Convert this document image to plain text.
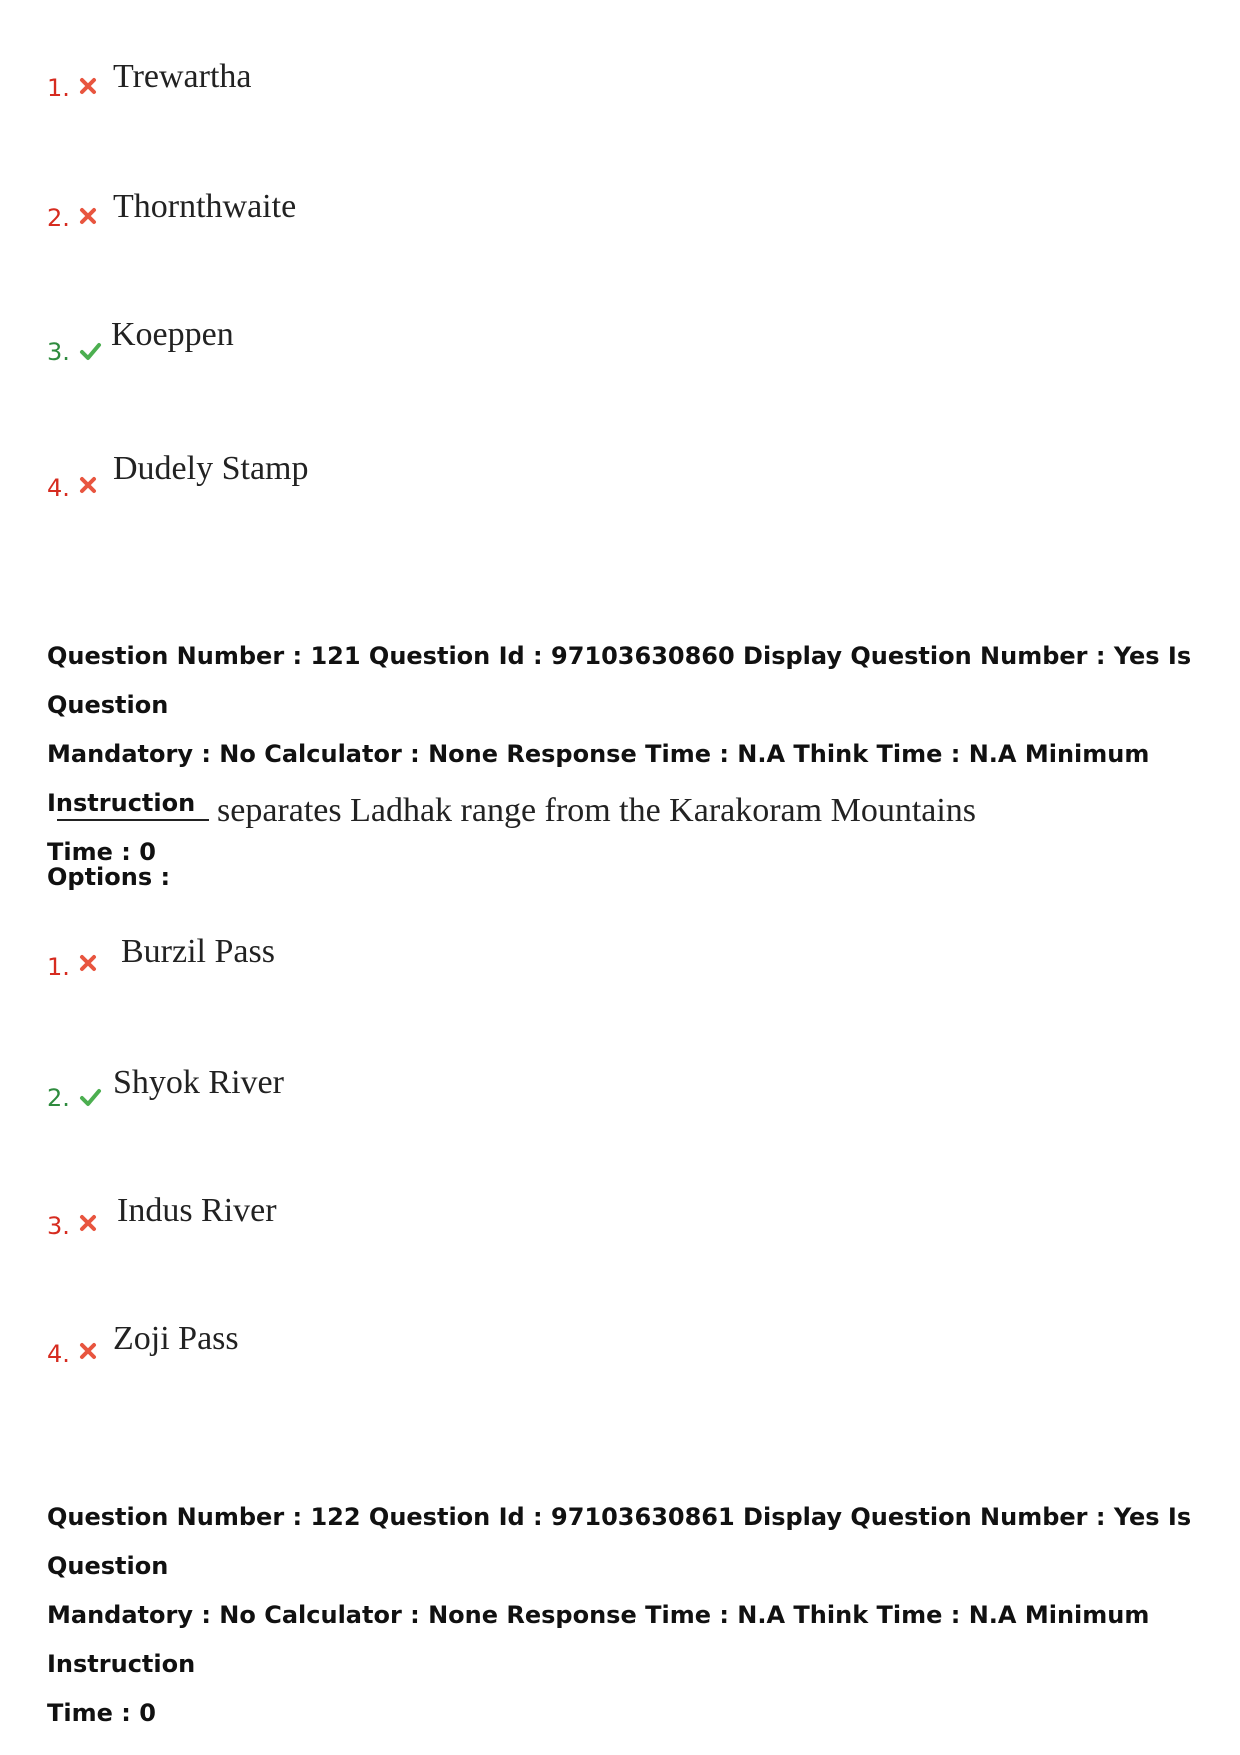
1. Trewartha
2. Thornthwaite
3. Koeppen
4.
Dudely Stamp
Question Number : 121 Question Id : 97103630860 Display Question Number : Yes Is Question
Mandatory : No Calculator : None Response Time : N.A Think Time : N.A Minimum Instruction
Time : 0
separates Ladhak range from the Karakoram Mountains
Options :
1. Burzil Pass
2. Shyok River
3. Indus River
4. Zoji Pass
Question Number : 122 Question Id : 97103630861 Display Question Number : Yes Is Question
Mandatory : No Calculator : None Response Time : N.A Think Time : N.A Minimum Instruction
Time : 0
